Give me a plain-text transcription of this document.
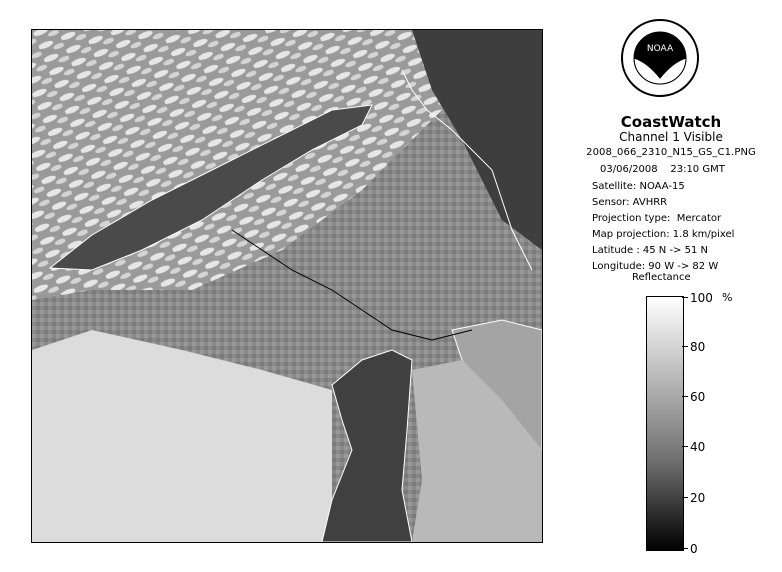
NOAA
CoastWatch
Channel 1 Visible
2008_066_2310_N15_GS_C1.PNG
03/06/2008    23:10 GMT
Satellite: NOAA-15
Sensor: AVHRR
Projection type:  Mercator
Map projection: 1.8 km/pixel
Latitude : 45 N -> 51 N
Longitude: 90 W -> 82 W
Reflectance
%
100
80
60
40
20
0
